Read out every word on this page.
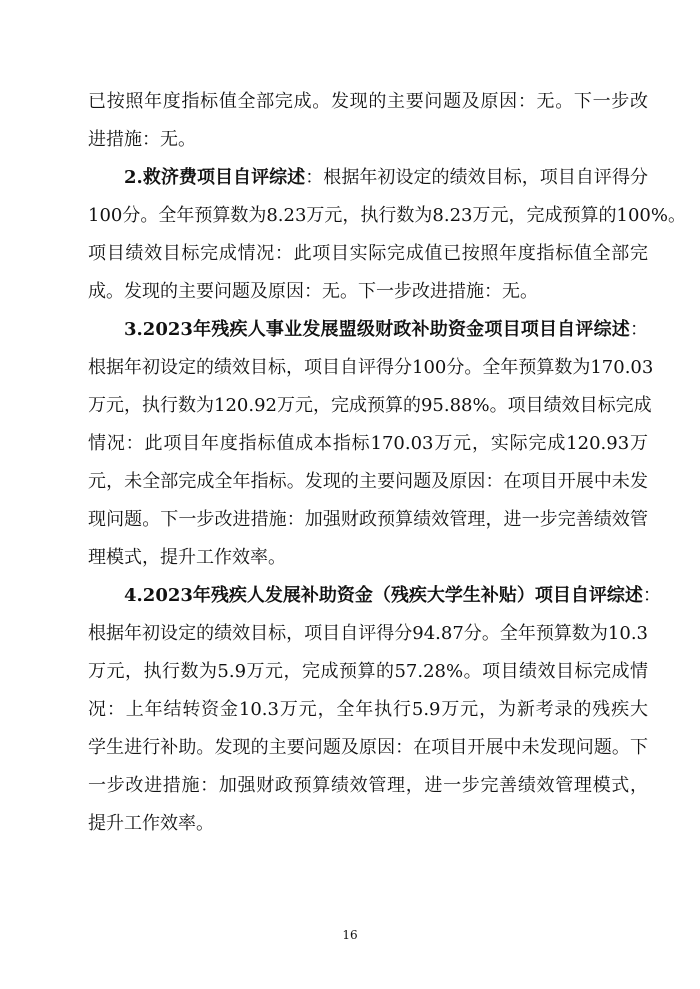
已按照年度指标值全部完成。发现的主要问题及原因：无。下一步改
进措施：无。
2.救济费项目自评综述：根据年初设定的绩效目标，项目自评得分
100分。全年预算数为8.23万元，执行数为8.23万元，完成预算的100%。
项目绩效目标完成情况：此项目实际完成值已按照年度指标值全部完
成。发现的主要问题及原因：无。下一步改进措施：无。
3.2023年残疾人事业发展盟级财政补助资金项目项目自评综述：
根据年初设定的绩效目标，项目自评得分100分。全年预算数为170.03
万元，执行数为120.92万元，完成预算的95.88%。项目绩效目标完成
情况：此项目年度指标值成本指标170.03万元，实际完成120.93万
元，未全部完成全年指标。发现的主要问题及原因：在项目开展中未发
现问题。下一步改进措施：加强财政预算绩效管理，进一步完善绩效管
理模式，提升工作效率。
4.2023年残疾人发展补助资金（残疾大学生补贴）项目自评综述：
根据年初设定的绩效目标，项目自评得分94.87分。全年预算数为10.3
万元，执行数为5.9万元，完成预算的57.28%。项目绩效目标完成情
况：上年结转资金10.3万元，全年执行5.9万元，为新考录的残疾大
学生进行补助。发现的主要问题及原因：在项目开展中未发现问题。下
一步改进措施：加强财政预算绩效管理，进一步完善绩效管理模式，
提升工作效率。
16
